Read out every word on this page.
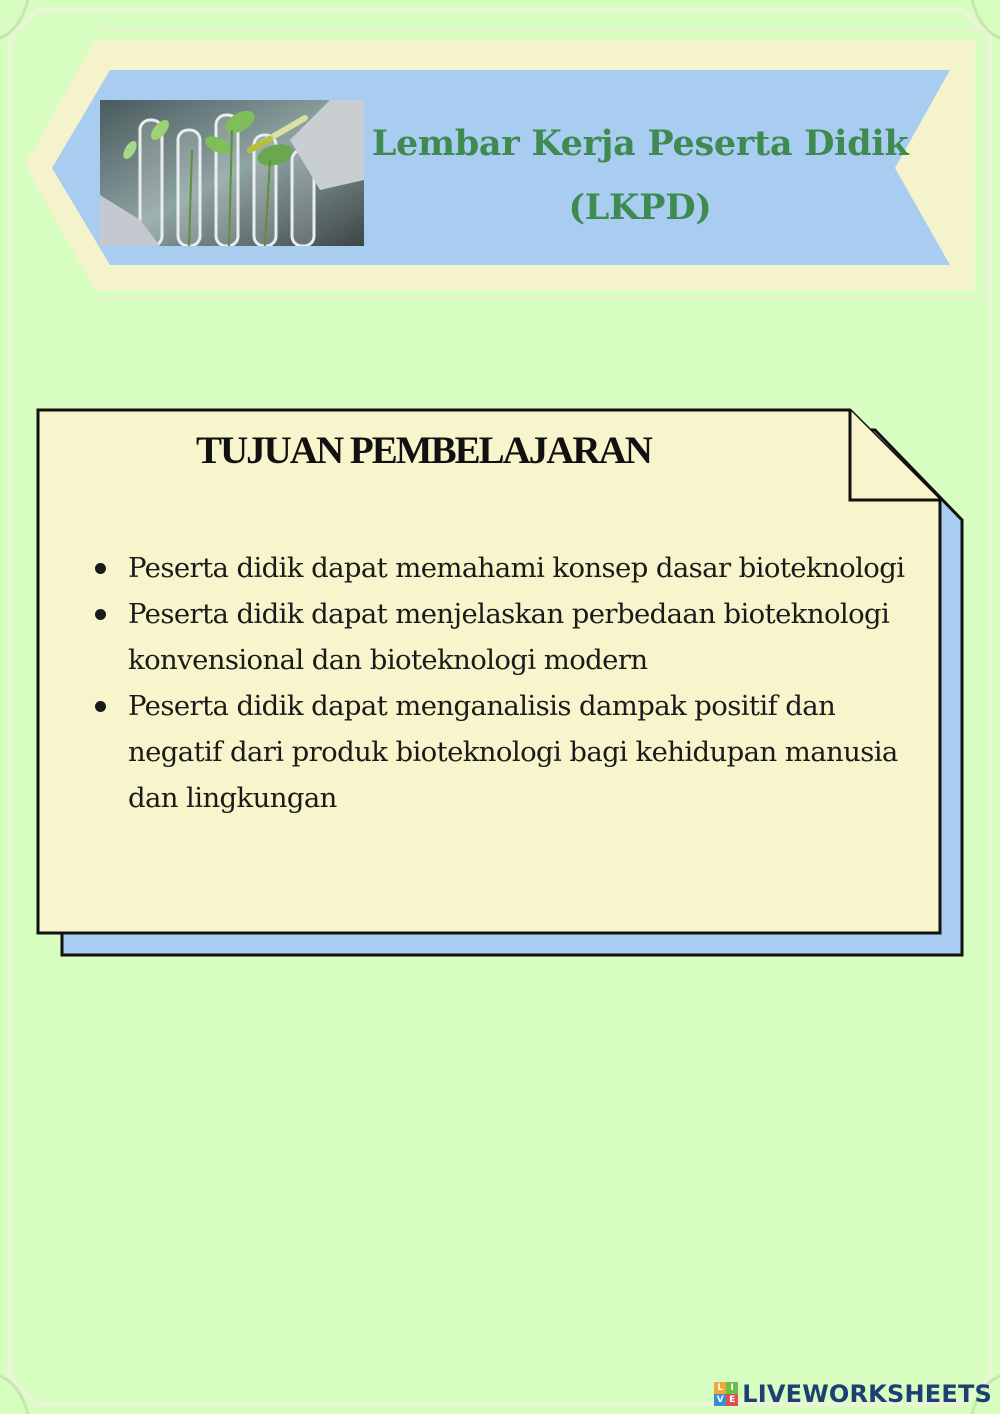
Lembar Kerja Peserta Didik
(LKPD)
TUJUAN PEMBELAJARAN
Peserta didik dapat memahami konsep dasar bioteknologi
Peserta didik dapat menjelaskan perbedaan bioteknologi konvensional dan bioteknologi modern
Peserta didik dapat menganalisis dampak positif dan negatif dari produk bioteknologi bagi kehidupan manusia dan lingkungan
L I
V E LIVEWORKSHEETS
